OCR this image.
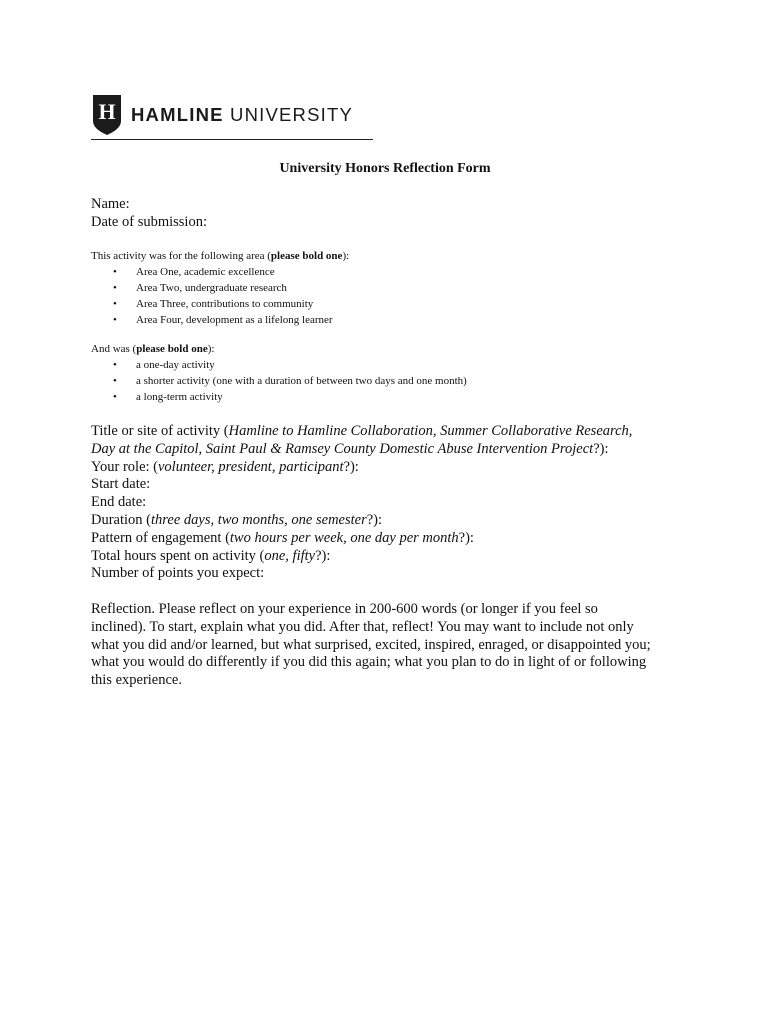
H HAMLINE UNIVERSITY
University Honors Reflection Form
Name:
Date of submission:
This activity was for the following area (please bold one):
• Area One, academic excellence
• Area Two, undergraduate research
• Area Three, contributions to community
• Area Four, development as a lifelong learner
And was (please bold one):
• a one-day activity
• a shorter activity (one with a duration of between two days and one month)
• a long-term activity
Title or site of activity (Hamline to Hamline Collaboration, Summer Collaborative Research,
Day at the Capitol, Saint Paul & Ramsey County Domestic Abuse Intervention Project?):
Your role: (volunteer, president, participant?):
Start date:
End date:
Duration (three days, two months, one semester?):
Pattern of engagement (two hours per week, one day per month?):
Total hours spent on activity (one, fifty?):
Number of points you expect:
Reflection. Please reflect on your experience in 200-600 words (or longer if you feel so
inclined). To start, explain what you did. After that, reflect! You may want to include not only
what you did and/or learned, but what surprised, excited, inspired, enraged, or disappointed you;
what you would do differently if you did this again; what you plan to do in light of or following
this experience.
